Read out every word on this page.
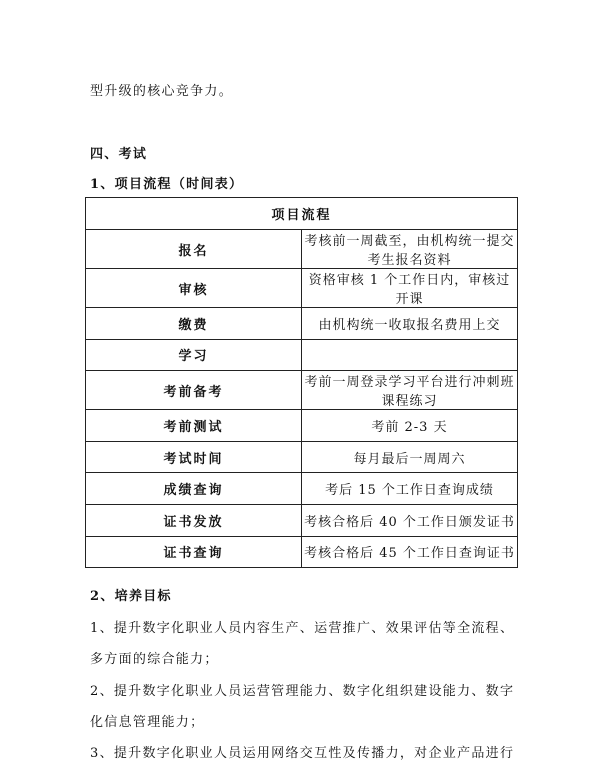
型升级的核心竞争力。
四、考试
1、项目流程（时间表）
项目流程	
报名	考核前一周截至，由机构统一提交考生报名资料
审核	资格审核 1 个工作日内，审核过开课
缴费	由机构统一收取报名费用上交
学习	
考前备考	考前一周登录学习平台进行冲刺班课程练习
考前测试	考前 2-3 天
考试时间	每月最后一周周六
成绩查询	考后 15 个工作日查询成绩
证书发放	考核合格后 40 个工作日颁发证书
证书查询	考核合格后 45 个工作日查询证书
2、培养目标
1、提升数字化职业人员内容生产、运营推广、效果评估等全流程、
多方面的综合能力；
2、提升数字化职业人员运营管理能力、数字化组织建设能力、数字
化信息管理能力；
3、提升数字化职业人员运用网络交互性及传播力，对企业产品进行
